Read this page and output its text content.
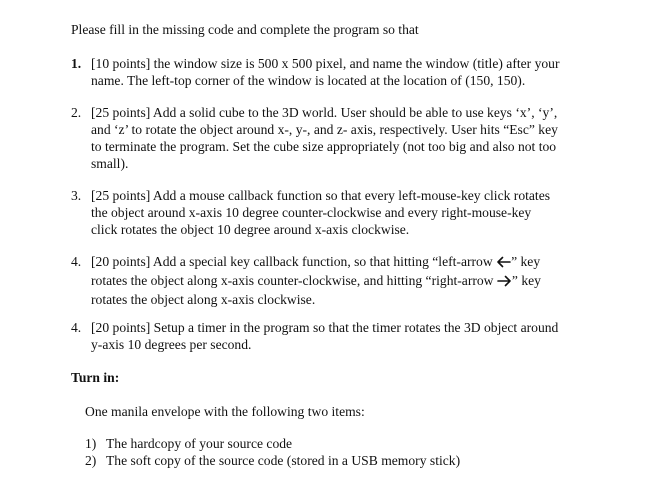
Please fill in the missing code and complete the program so that
1. [10 points] the window size is 500 x 500 pixel, and name the window (title) after your
name. The left-top corner of the window is located at the location of (150, 150).
2. [25 points] Add a solid cube to the 3D world. User should be able to use keys ‘x’, ‘y’,
and ‘z’ to rotate the object around x-, y-, and z- axis, respectively. User hits “Esc” key
to terminate the program. Set the cube size appropriately (not too big and also not too
small).
3. [25 points] Add a mouse callback function so that every left-mouse-key click rotates
the object around x-axis 10 degree counter-clockwise and every right-mouse-key
click rotates the object 10 degree around x-axis clockwise.
4. [20 points] Add a special key callback function, so that hitting “left-arrow ” key
rotates the object along x-axis counter-clockwise, and hitting “right-arrow ” key
rotates the object along x-axis clockwise.
4. [20 points] Setup a timer in the program so that the timer rotates the 3D object around
y-axis 10 degrees per second.
Turn in:
One manila envelope with the following two items:
1) The hardcopy of your source code
2) The soft copy of the source code (stored in a USB memory stick)
